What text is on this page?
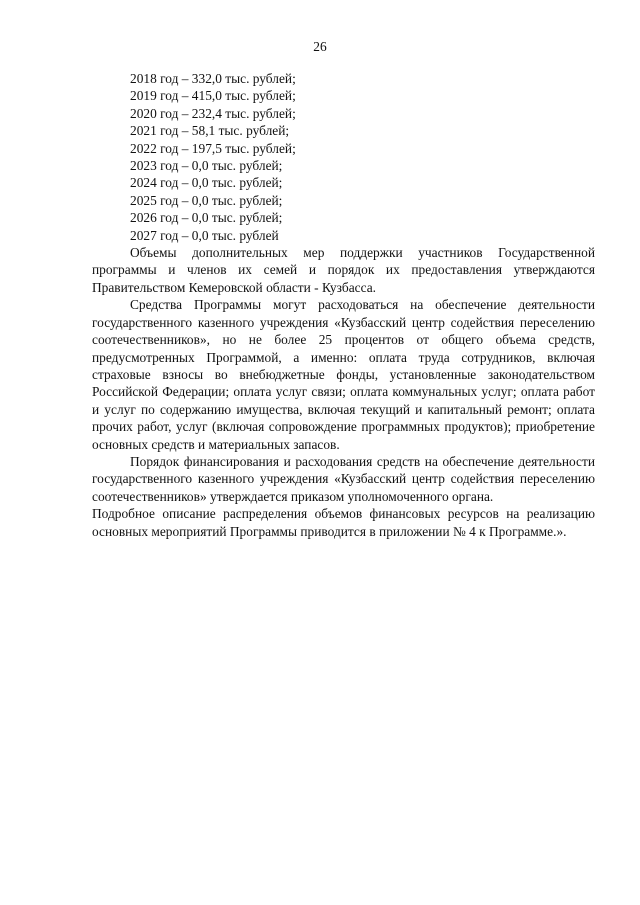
26
2018 год – 332,0 тыс. рублей;
2019 год – 415,0 тыс. рублей;
2020 год – 232,4 тыс. рублей;
2021 год – 58,1 тыс. рублей;
2022 год – 197,5 тыс. рублей;
2023 год – 0,0 тыс. рублей;
2024 год – 0,0 тыс. рублей;
2025 год – 0,0 тыс. рублей;
2026 год – 0,0 тыс. рублей;
2027 год – 0,0 тыс. рублей

Объемы дополнительных мер поддержки участников Государственной программы и членов их семей и порядок их предоставления утверждаются Правительством Кемеровской области - Кузбасса.

Средства Программы могут расходоваться на обеспечение деятельности государственного казенного учреждения «Кузбасский центр содействия переселению соотечественников», но не более 25 процентов от общего объема средств, предусмотренных Программой, а именно: оплата труда сотрудников, включая страховые взносы во внебюджетные фонды, установленные законодательством Российской Федерации; оплата услуг связи; оплата коммунальных услуг; оплата работ и услуг по содержанию имущества, включая текущий и капитальный ремонт; оплата прочих работ, услуг (включая сопровождение программных продуктов); приобретение основных средств и материальных запасов.

Порядок финансирования и расходования средств на обеспечение деятельности государственного казенного учреждения «Кузбасский центр содействия переселению соотечественников» утверждается приказом уполномоченного органа.

Подробное описание распределения объемов финансовых ресурсов на реализацию основных мероприятий Программы приводится в приложении № 4 к Программе.».
